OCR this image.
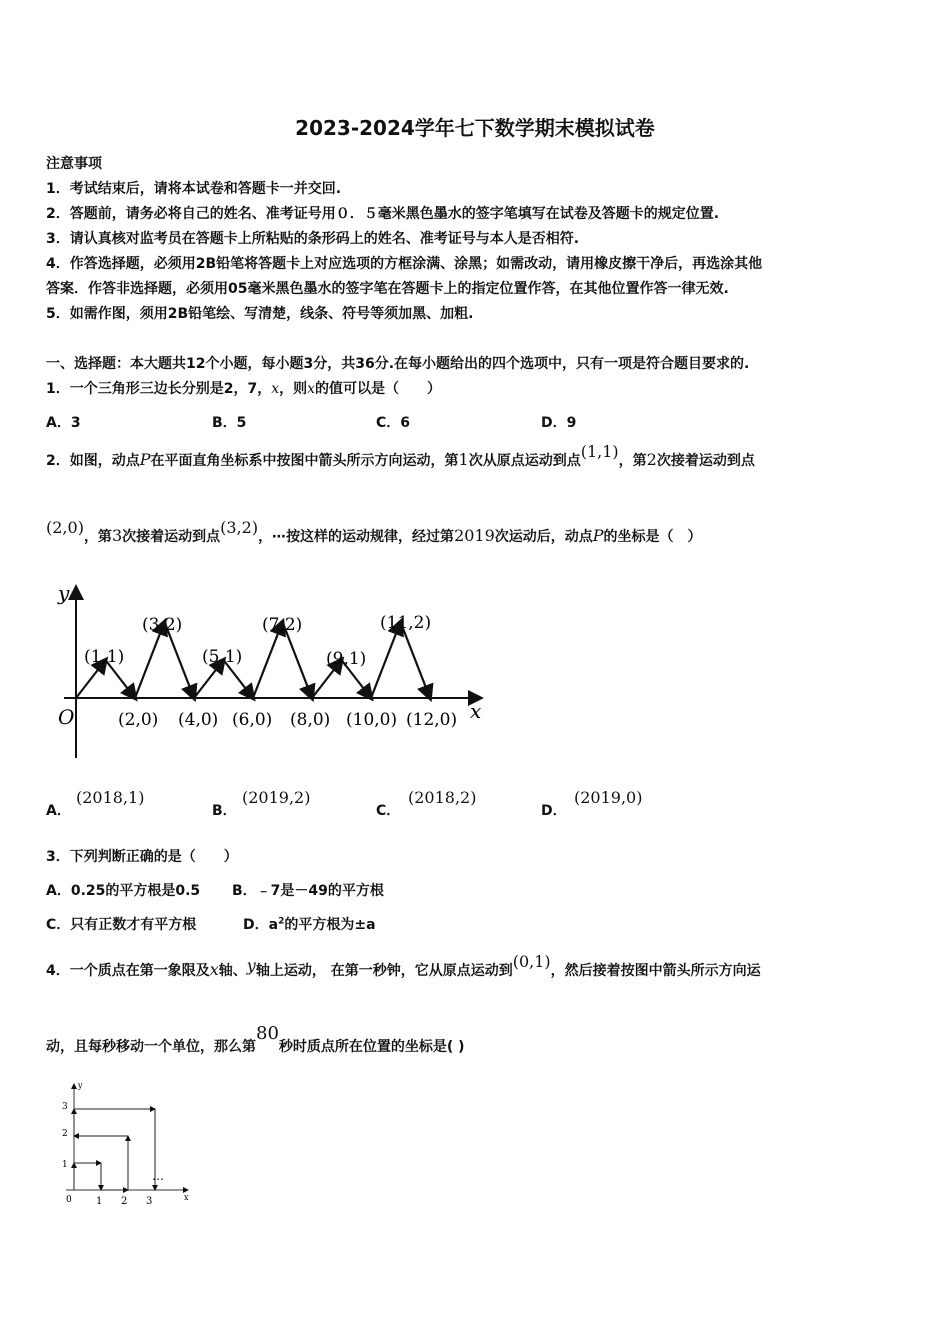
2023-2024学年七下数学期末模拟试卷
注意事项
1．考试结束后，请将本试卷和答题卡一并交回.
2．答题前，请务必将自己的姓名、准考证号用０．５毫米黑色墨水的签字笔填写在试卷及答题卡的规定位置.
3．请认真核对监考员在答题卡上所粘贴的条形码上的姓名、准考证号与本人是否相符.
4．作答选择题，必须用2B铅笔将答题卡上对应选项的方框涂满、涂黑；如需改动，请用橡皮擦干净后，再选涂其他
答案．作答非选择题，必须用05毫米黑色墨水的签字笔在答题卡上的指定位置作答，在其他位置作答一律无效.
5．如需作图，须用2B铅笔绘、写清楚，线条、符号等须加黑、加粗.
一、选择题：本大题共12个小题，每小题3分，共36分.在每小题给出的四个选项中，只有一项是符合题目要求的.
1．一个三角形三边长分别是2，7，x，则x的值可以是（　　）
A．3	B．5	C．6	D．9
2．如图，动点P在平面直角坐标系中按图中箭头所示方向运动，第1次从原点运动到点(1,1)，第2次接着运动到点
(2,0)，第3次接着运动到点(3,2)，⋯按这样的运动规律，经过第2019次运动后，动点P的坐标是（　）
y
x
O
(1,1)
(3,2)
(5,1)
(7,2)
(9,1)
(11,2)
(2,0) (4,0) (6,0) (8,0) (10,0) (12,0)
A．
(2018,1)
B．
(2019,2)
C．
(2018,2)
D．
(2019,0)
3．下列判断正确的是（　　）
A．0.25的平方根是0.5 B．﹣7是－49的平方根
C．只有正数才有平方根	D．$a^2$的平方根为±a
4．一个质点在第一象限及x轴、y轴上运动， 在第一秒钟，它从原点运动到(0,1)，然后接着按图中箭头所示方向运
动，且每秒移动一个单位，那么第80秒时质点所在位置的坐标是( )
y
x
0 1 2 3
1
2
3
…
